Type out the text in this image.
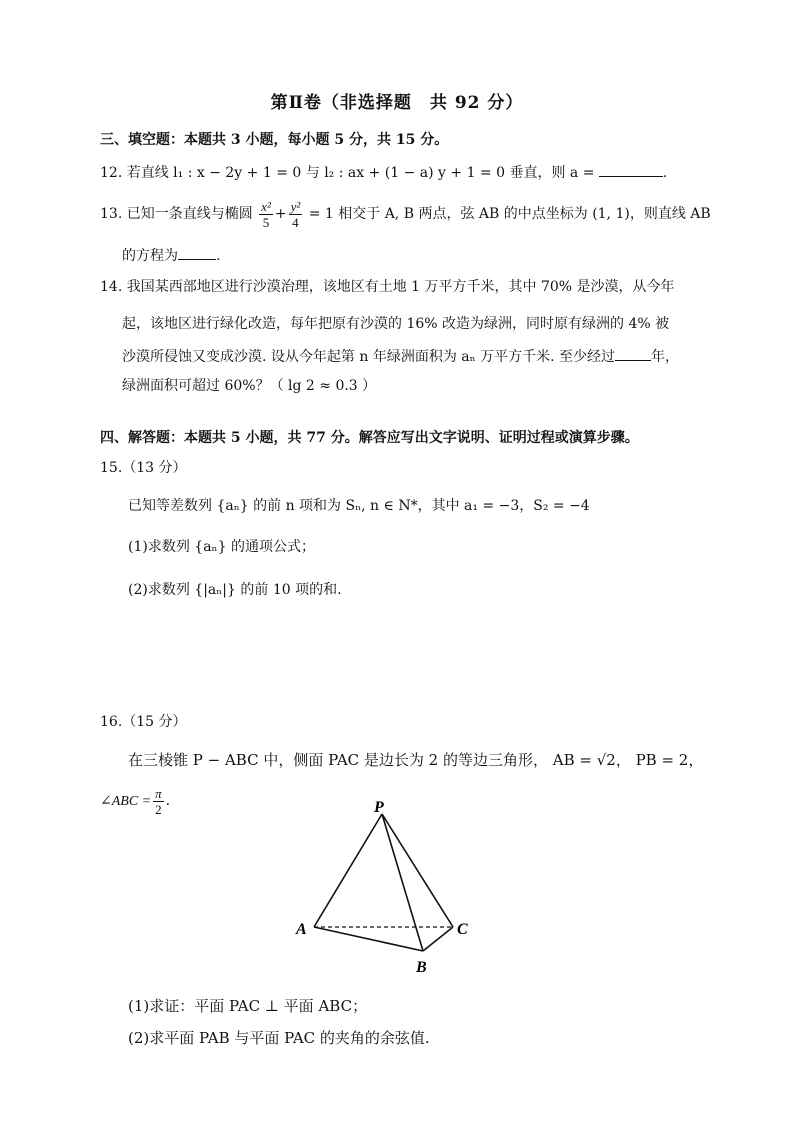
第Ⅱ卷（非选择题　共 92 分）
三、填空题：本题共 3 小题，每小题 5 分，共 15 分。
12. 若直线 l₁ : x − 2y + 1 = 0 与 l₂ : ax + (1 − a) y + 1 = 0 垂直，则 a =	.
13. 已知一条直线与椭圆 $\frac{\text{x²}}{5} + \frac{\text{y²}}{4} = 1$ 相交于 A, B 两点，弦 AB 的中点坐标为 (1, 1)，则直线 AB
的方程为	.
14. 我国某西部地区进行沙漠治理，该地区有土地 1 万平方千米，其中 70% 是沙漠，从今年
起，该地区进行绿化改造，每年把原有沙漠的 16% 改造为绿洲，同时原有绿洲的 4% 被
沙漠所侵蚀又变成沙漠. 设从今年起第 n 年绿洲面积为 aₙ 万平方千米. 至少经过	年，
绿洲面积可超过 60%？（ lg 2 ≈ 0.3 ）
四、解答题：本题共 5 小题，共 77 分。解答应写出文字说明、证明过程或演算步骤。
15.（13 分）
已知等差数列 {aₙ} 的前 n 项和为 Sₙ, n ∈ N*，其中 a₁ = −3，S₂ = −4
(1)求数列 {aₙ} 的通项公式；
(2)求数列 {|aₙ|} 的前 10 项的和.
16.（15 分）
在三棱锥 P − ABC 中，侧面 PAC 是边长为 2 的等边三角形， AB = √2， PB = 2，
∠ABC = $\frac{\pi}{2}$ .	P
A	C
B
(1)求证：平面 PAC ⊥ 平面 ABC；
(2)求平面 PAB 与平面 PAC 的夹角的余弦值.
